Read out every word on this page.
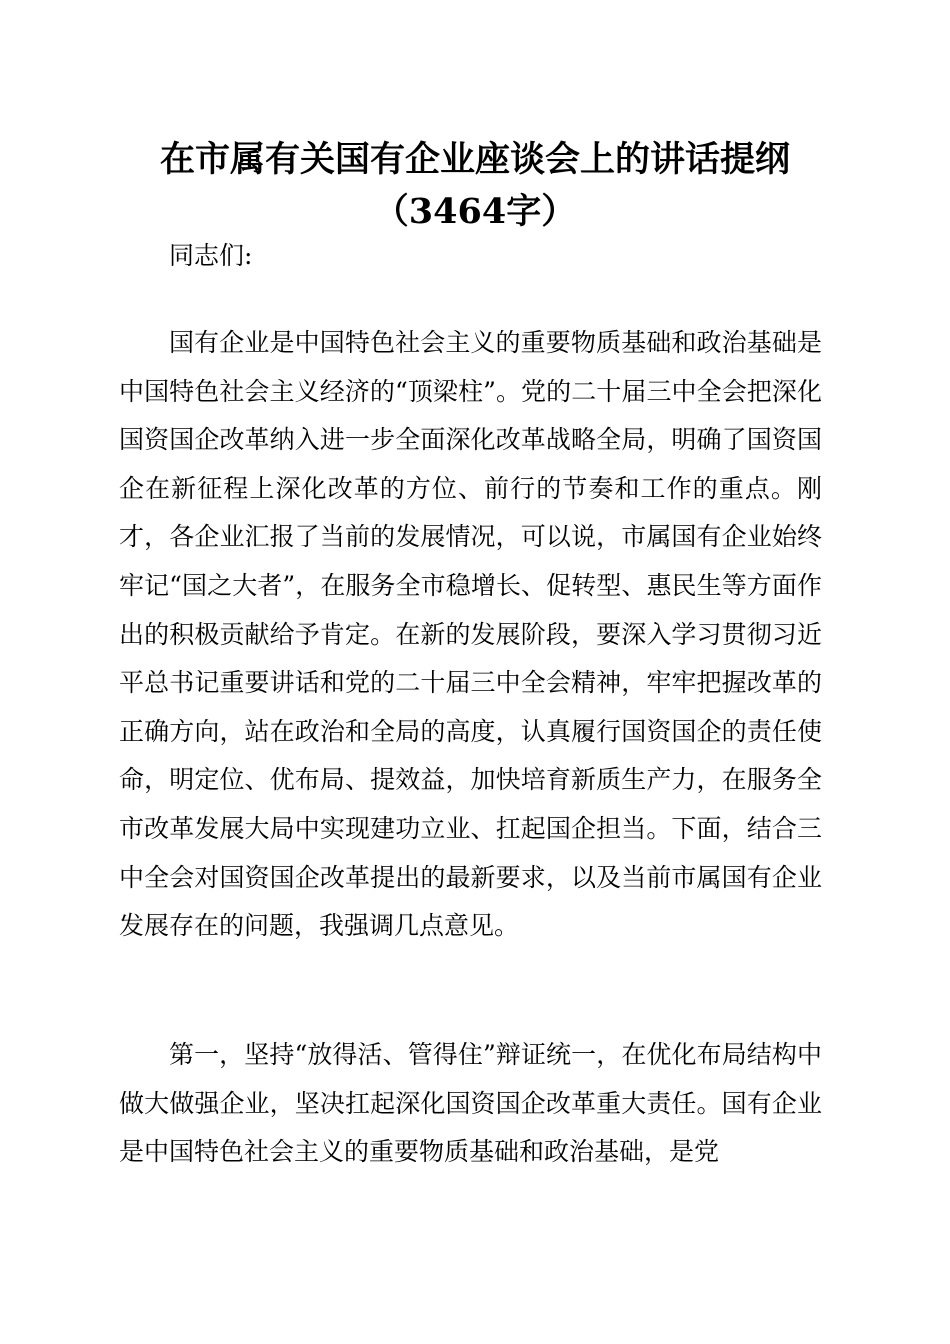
在市属有关国有企业座谈会上的讲话提纲
（3464字）

同志们:

国有企业是中国特色社会主义的重要物质基础和政治基础是中国特色社会主义经济的“顶梁柱”。党的二十届三中全会把深化国资国企改革纳入进一步全面深化改革战略全局，明确了国资国企在新征程上深化改革的方位、前行的节奏和工作的重点。刚才，各企业汇报了当前的发展情况，可以说，市属国有企业始终牢记“国之大者”，在服务全市稳增长、促转型、惠民生等方面作出的积极贡献给予肯定。在新的发展阶段，要深入学习贯彻习近平总书记重要讲话和党的二十届三中全会精神，牢牢把握改革的正确方向，站在政治和全局的高度，认真履行国资国企的责任使命，明定位、优布局、提效益，加快培育新质生产力，在服务全市改革发展大局中实现建功立业、扛起国企担当。下面，结合三中全会对国资国企改革提出的最新要求，以及当前市属国有企业发展存在的问题，我强调几点意见。

第一，坚持“放得活、管得住”辩证统一，在优化布局结构中做大做强企业，坚决扛起深化国资国企改革重大责任。国有企业是中国特色社会主义的重要物质基础和政治基础，是党
